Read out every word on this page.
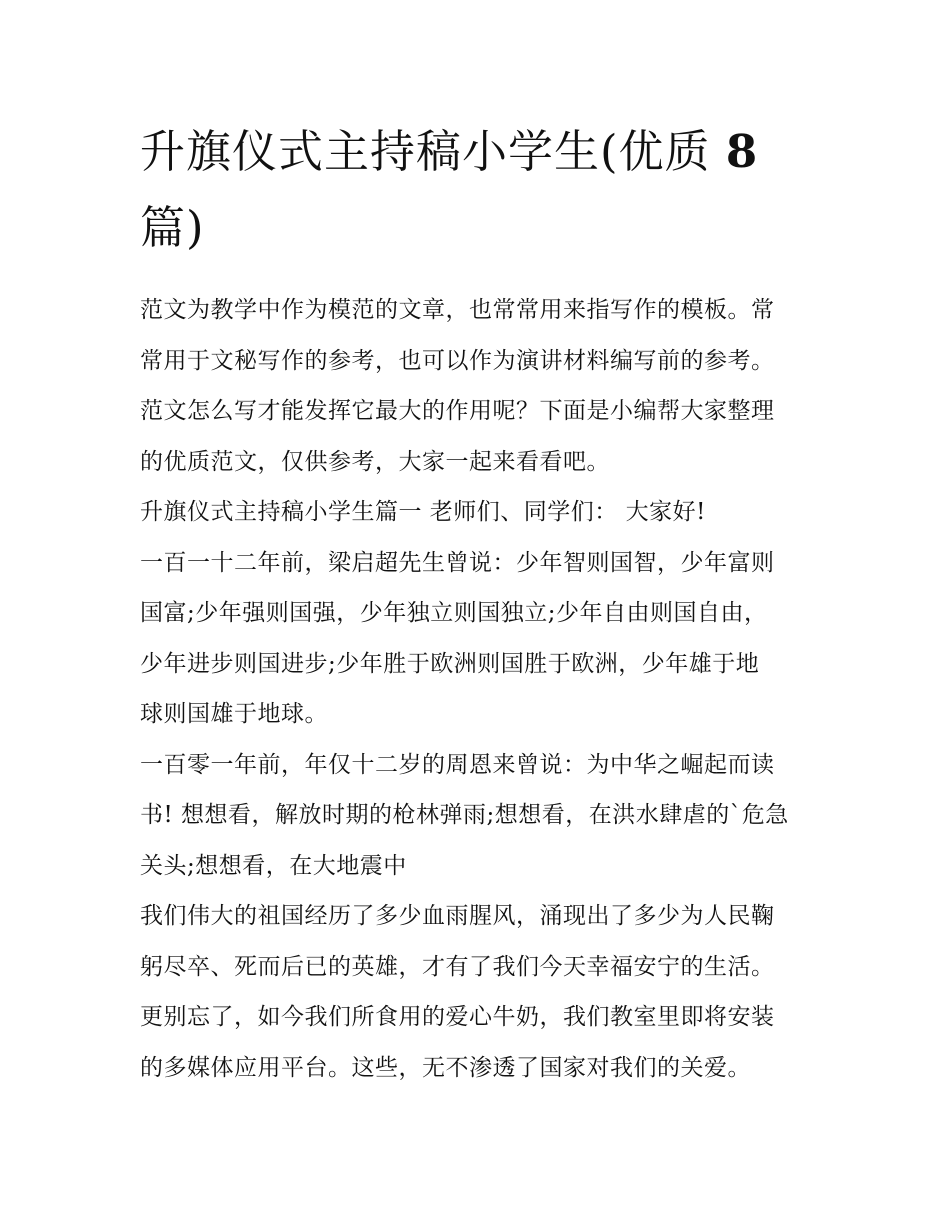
升旗仪式主持稿小学生(优质 8
篇)

范文为教学中作为模范的文章，也常常用来指写作的模板。常
常用于文秘写作的参考，也可以作为演讲材料编写前的参考。
范文怎么写才能发挥它最大的作用呢？下面是小编帮大家整理
的优质范文，仅供参考，大家一起来看看吧。

升旗仪式主持稿小学生篇一 老师们、同学们： 大家好!

一百一十二年前，梁启超先生曾说：少年智则国智，少年富则
国富;少年强则国强，少年独立则国独立;少年自由则国自由，
少年进步则国进步;少年胜于欧洲则国胜于欧洲，少年雄于地
球则国雄于地球。

一百零一年前，年仅十二岁的周恩来曾说：为中华之崛起而读
书! 想想看，解放时期的枪林弹雨;想想看，在洪水肆虐的`危急
关头;想想看，在大地震中

我们伟大的祖国经历了多少血雨腥风，涌现出了多少为人民鞠
躬尽卒、死而后已的英雄，才有了我们今天幸福安宁的生活。
更别忘了，如今我们所食用的爱心牛奶，我们教室里即将安装
的多媒体应用平台。这些，无不渗透了国家对我们的关爱。
